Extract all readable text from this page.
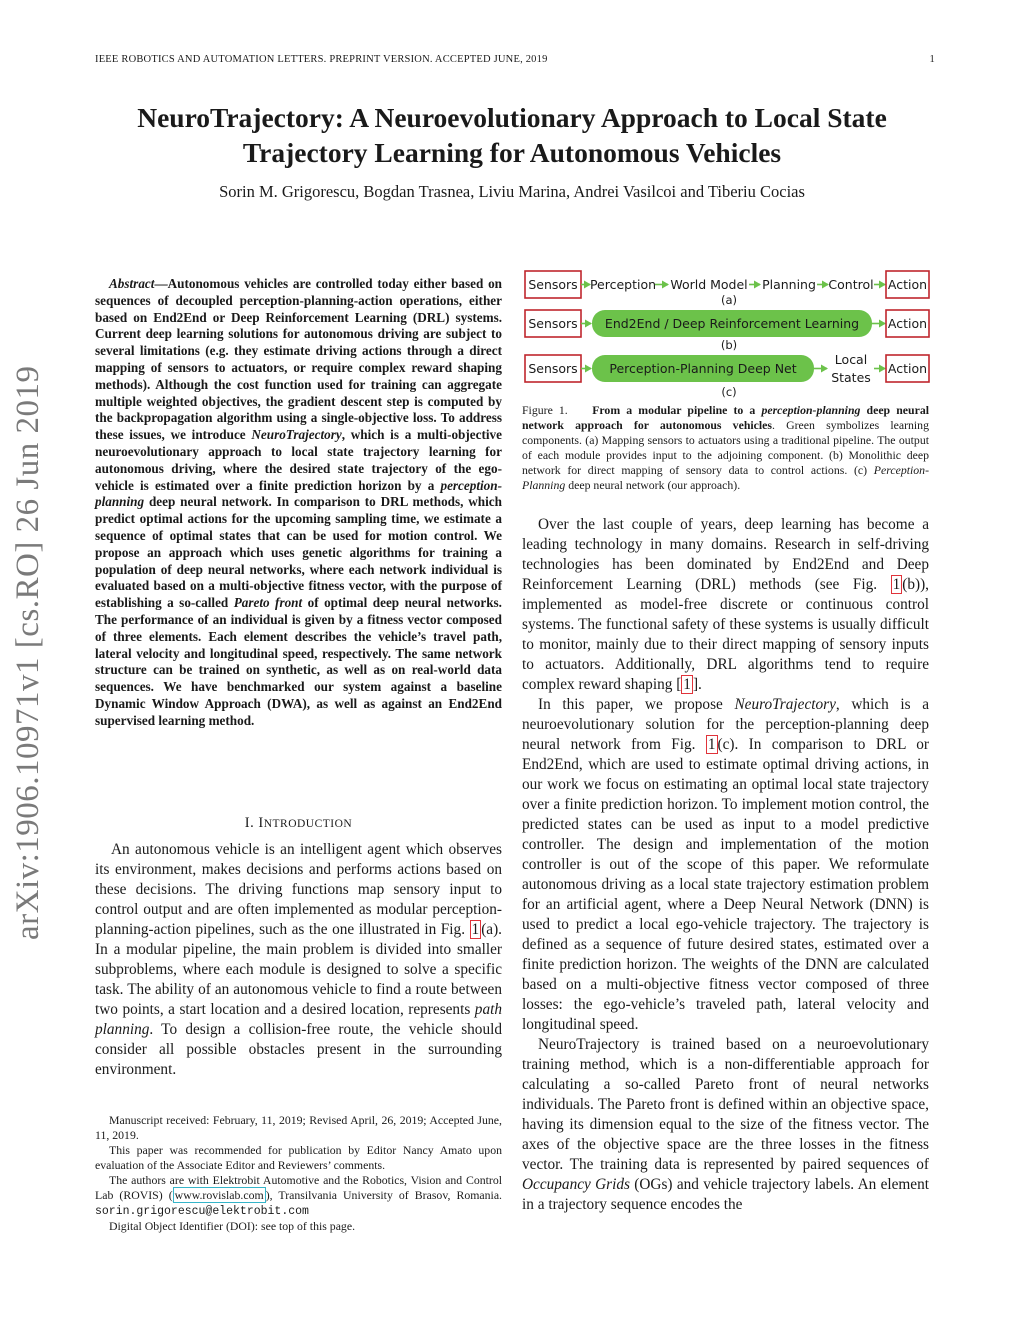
IEEE ROBOTICS AND AUTOMATION LETTERS. PREPRINT VERSION. ACCEPTED JUNE, 2019	1
NeuroTrajectory: A Neuroevolutionary Approach to Local State
Trajectory Learning for Autonomous Vehicles
Sorin M. Grigorescu, Bogdan Trasnea, Liviu Marina, Andrei Vasilcoi and Tiberiu Cocias
arXiv:1906.10971v1 [cs.RO] 26 Jun 2019
Abstract—Autonomous vehicles are controlled today either based on sequences of decoupled perception-planning-action operations, either based on End2End or Deep Reinforcement Learning (DRL) systems. Current deep learning solutions for autonomous driving are subject to several limitations (e.g. they estimate driving actions through a direct mapping of sensors to actuators, or require complex reward shaping methods). Although the cost function used for training can aggregate multiple weighted objectives, the gradient descent step is computed by the backpropagation algorithm using a single-objective loss. To address these issues, we introduce NeuroTrajectory, which is a multi-objective neuroevolutionary approach to local state trajectory learning for autonomous driving, where the desired state trajectory of the ego-vehicle is estimated over a finite prediction horizon by a perception-planning deep neural network. In comparison to DRL methods, which predict optimal actions for the upcoming sampling time, we estimate a sequence of optimal states that can be used for motion control. We propose an approach which uses genetic algorithms for training a population of deep neural networks, where each network individual is evaluated based on a multi-objective fitness vector, with the purpose of establishing a so-called Pareto front of optimal deep neural networks. The performance of an individual is given by a fitness vector composed of three elements. Each element describes the vehicle’s travel path, lateral velocity and longitudinal speed, respectively. The same network structure can be trained on synthetic, as well as on real-world data sequences. We have benchmarked our system against a baseline Dynamic Window Approach (DWA), as well as against an End2End supervised learning method.
I. INTRODUCTION

An autonomous vehicle is an intelligent agent which observes its environment, makes decisions and performs actions based on these decisions. The driving functions map sensory input to control output and are often implemented as modular perception-planning-action pipelines, such as the one illustrated in Fig. 1 (a). In a modular pipeline, the main problem is divided into smaller subproblems, where each module is designed to solve a specific task. The ability of an autonomous vehicle to find a route between two points, a start location and a desired location, represents path planning. To design a collision-free route, the vehicle should consider all possible obstacles present in the surrounding environment.

Manuscript received: February, 11, 2019; Revised April, 26, 2019; Accepted June, 11, 2019.

This paper was recommended for publication by Editor Nancy Amato upon evaluation of the Associate Editor and Reviewers’ comments.

The authors are with Elektrobit Automotive and the Robotics, Vision and Control Lab (ROVIS) ( www.rovislab.com ), Transilvania University of Brasov, Romania. sorin.grigorescu@elektrobit.com

Digital Object Identifier (DOI): see top of this page.

Sensors Perception World Model Planning Control Action
(a)
Sensors End2End / Deep Reinforcement Learning Action
(b)
Sensors	Perception-Planning Deep Net
Local
States
Action
(c)
Figure 1. From a modular pipeline to a perception-planning deep neural network approach for autonomous vehicles. Green symbolizes learning components. (a) Mapping sensors to actuators using a traditional pipeline. The output of each module provides input to the adjoining component. (b) Monolithic deep network for direct mapping of sensory data to control actions. (c) Perception-Planning deep neural network (our approach).

Over the last couple of years, deep learning has become a leading technology in many domains. Research in self-driving technologies has been dominated by End2End and Deep Reinforcement Learning (DRL) methods (see Fig. 1 (b)), implemented as model-free discrete or continuous control systems. The functional safety of these systems is usually difficult to monitor, mainly due to their direct mapping of sensory inputs to actuators. Additionally, DRL algorithms tend to require complex reward shaping [ 1 ].

In this paper, we propose NeuroTrajectory, which is a neuroevolutionary solution for the perception-planning deep neural network from Fig. 1 (c). In comparison to DRL or End2End, which are used to estimate optimal driving actions, in our work we focus on estimating an optimal local state trajectory over a finite prediction horizon. To implement motion control, the predicted states can be used as input to a model predictive controller. The design and implementation of the motion controller is out of the scope of this paper. We reformulate autonomous driving as a local state trajectory estimation problem for an artificial agent, where a Deep Neural Network (DNN) is used to predict a local ego-vehicle trajectory. The trajectory is defined as a sequence of future desired states, estimated over a finite prediction horizon. The weights of the DNN are calculated based on a multi-objective fitness vector composed of three losses: the ego-vehicle’s traveled path, lateral velocity and longitudinal speed.

NeuroTrajectory is trained based on a neuroevolutionary training method, which is a non-differentiable approach for calculating a so-called Pareto front of neural networks individuals. The Pareto front is defined within an objective space, having its dimension equal to the size of the fitness vector. The axes of the objective space are the three losses in the fitness vector. The training data is represented by paired sequences of Occupancy Grids (OGs) and vehicle trajectory labels. An element in a trajectory sequence encodes the
